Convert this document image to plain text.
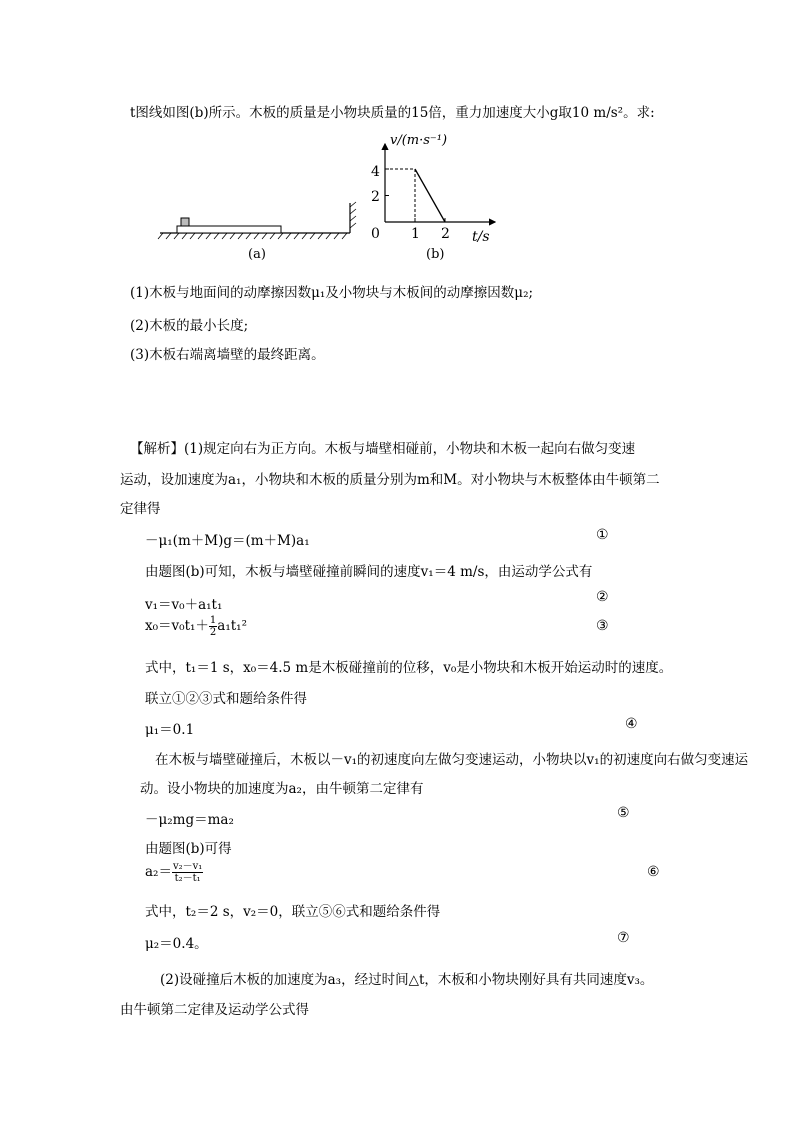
t图线如图(b)所示。木板的质量是小物块质量的15倍，重力加速度大小g取10 m/s²。求:
(a)
v/(m·s⁻¹)
t/s
0
4
2
1 2
(b)
(1)木板与地面间的动摩擦因数μ₁及小物块与木板间的动摩擦因数μ₂;
(2)木板的最小长度;
(3)木板右端离墙壁的最终距离。
【解析】(1)规定向右为正方向。木板与墙壁相碰前，小物块和木板一起向右做匀变速
运动，设加速度为a₁，小物块和木板的质量分别为m和M。对小物块与木板整体由牛顿第二
定律得
－μ₁(m＋M)g＝(m＋M)a₁	①
由题图(b)可知，木板与墙壁碰撞前瞬间的速度v₁＝4 m/s，由运动学公式有
v₁＝v₀＋a₁t₁	②
$x_0=v_0t_1+ \frac{1}{2} a_1t_1^2$	③
式中，t₁＝1 s，x₀＝4.5 m是木板碰撞前的位移，v₀是小物块和木板开始运动时的速度。
联立①②③式和题给条件得
μ₁＝0.1	④
在木板与墙壁碰撞后，木板以－v₁的初速度向左做匀变速运动，小物块以v₁的初速度向右做匀变速运
动。设小物块的加速度为a₂，由牛顿第二定律有
－μ₂mg＝ma₂	⑤
由题图(b)可得
$a_2= \frac{\text{v₂－v₁}}{\text{t₂－t₁}}$	⑥
式中，t₂＝2 s，v₂＝0，联立⑤⑥式和题给条件得
μ₂＝0.4。	⑦
(2)设碰撞后木板的加速度为a₃，经过时间△t，木板和小物块刚好具有共同速度v₃。
由牛顿第二定律及运动学公式得
